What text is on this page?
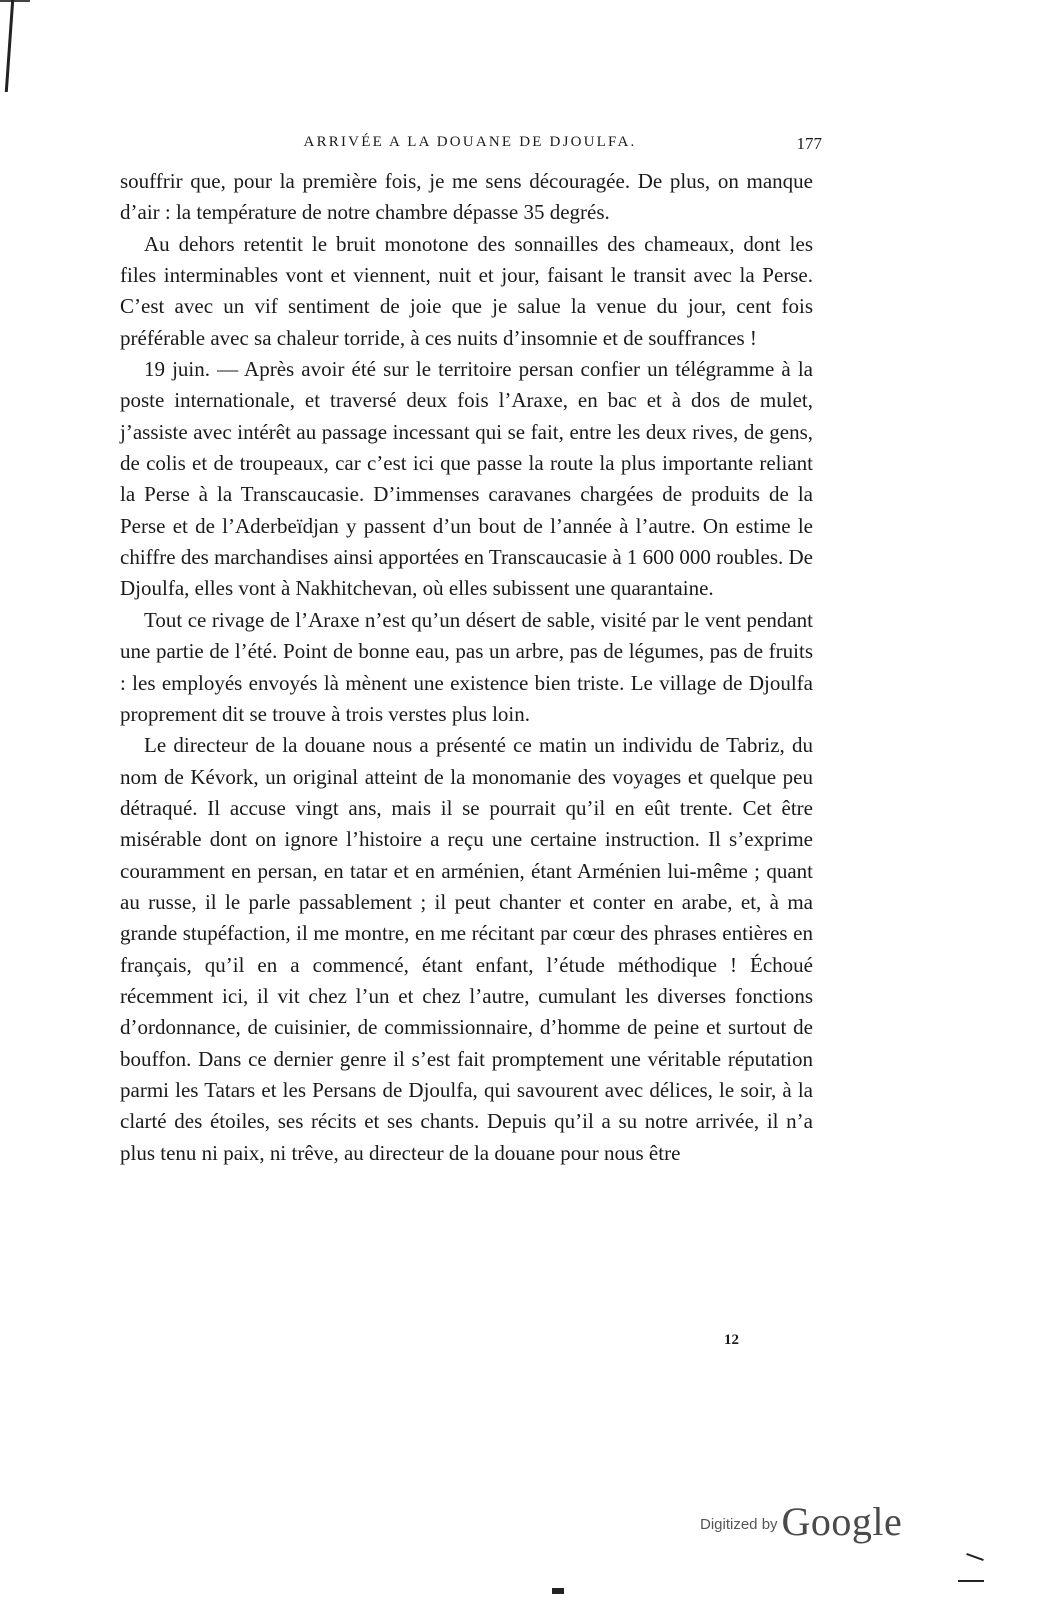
ARRIVÉE A LA DOUANE DE DJOULFA.	177

souffrir que, pour la première fois, je me sens découragée. De plus, on manque d’air : la température de notre chambre dépasse 35 degrés.

Au dehors retentit le bruit monotone des sonnailles des chameaux, dont les files interminables vont et viennent, nuit et jour, faisant le transit avec la Perse. C’est avec un vif sentiment de joie que je salue la venue du jour, cent fois préférable avec sa chaleur torride, à ces nuits d’insomnie et de souffrances !

19 juin. — Après avoir été sur le territoire persan confier un télégramme à la poste internationale, et traversé deux fois l’Araxe, en bac et à dos de mulet, j’assiste avec intérêt au passage incessant qui se fait, entre les deux rives, de gens, de colis et de troupeaux, car c’est ici que passe la route la plus importante reliant la Perse à la Transcaucasie. D’immenses caravanes chargées de produits de la Perse et de l’Aderbeïdjan y passent d’un bout de l’année à l’autre. On estime le chiffre des marchandises ainsi apportées en Transcaucasie à 1 600 000 roubles. De Djoulfa, elles vont à Nakhitchevan, où elles subissent une quarantaine.

Tout ce rivage de l’Araxe n’est qu’un désert de sable, visité par le vent pendant une partie de l’été. Point de bonne eau, pas un arbre, pas de légumes, pas de fruits : les employés envoyés là mènent une existence bien triste. Le village de Djoulfa proprement dit se trouve à trois verstes plus loin.

Le directeur de la douane nous a présenté ce matin un individu de Tabriz, du nom de Kévork, un original atteint de la monomanie des voyages et quelque peu détraqué. Il accuse vingt ans, mais il se pourrait qu’il en eût trente. Cet être misérable dont on ignore l’histoire a reçu une certaine instruction. Il s’exprime couramment en persan, en tatar et en arménien, étant Arménien lui-même ; quant au russe, il le parle passablement ; il peut chanter et conter en arabe, et, à ma grande stupéfaction, il me montre, en me récitant par cœur des phrases entières en français, qu’il en a commencé, étant enfant, l’étude méthodique ! Échoué récemment ici, il vit chez l’un et chez l’autre, cumulant les diverses fonctions d’ordonnance, de cuisinier, de commissionnaire, d’homme de peine et surtout de bouffon. Dans ce dernier genre il s’est fait promptement une véritable réputation parmi les Tatars et les Persans de Djoulfa, qui savourent avec délices, le soir, à la clarté des étoiles, ses récits et ses chants. Depuis qu’il a su notre arrivée, il n’a plus tenu ni paix, ni trêve, au directeur de la douane pour nous être

12
Digitized by Google
